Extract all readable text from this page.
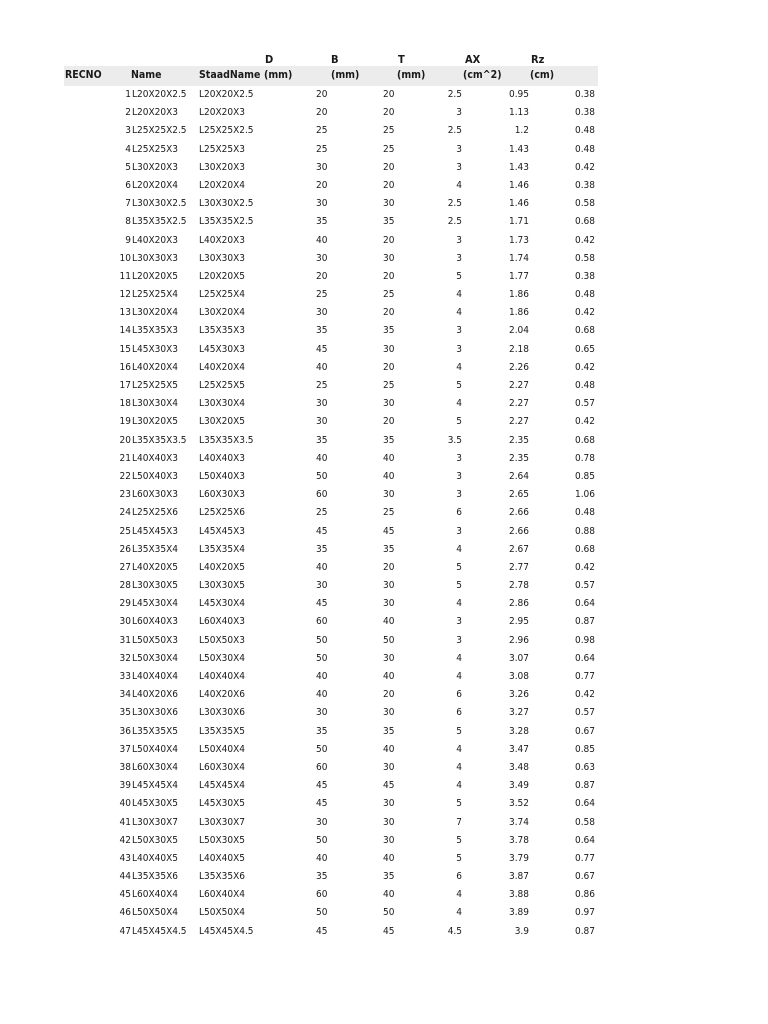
D	B	T	AX	Rz
RECNO	Name	StaadName (mm)	(mm)	(mm)	(cm^2)	(cm)
1 L20X20X2.5 L20X20X2.5	20	20	2.5	0.95	0.38
2 L20X20X3 L20X20X3	20	20	3	1.13	0.38
3 L25X25X2.5 L25X25X2.5	25	25	2.5	1.2	0.48
4 L25X25X3 L25X25X3	25	25	3	1.43	0.48
5 L30X20X3 L30X20X3	30	20	3	1.43	0.42
6 L20X20X4 L20X20X4	20	20	4	1.46	0.38
7 L30X30X2.5 L30X30X2.5	30	30	2.5	1.46	0.58
8 L35X35X2.5 L35X35X2.5	35	35	2.5	1.71	0.68
9 L40X20X3 L40X20X3	40	20	3	1.73	0.42
10 L30X30X3 L30X30X3	30	30	3	1.74	0.58
11 L20X20X5 L20X20X5	20	20	5	1.77	0.38
12 L25X25X4 L25X25X4	25	25	4	1.86	0.48
13 L30X20X4 L30X20X4	30	20	4	1.86	0.42
14 L35X35X3 L35X35X3	35	35	3	2.04	0.68
15 L45X30X3 L45X30X3	45	30	3	2.18	0.65
16 L40X20X4 L40X20X4	40	20	4	2.26	0.42
17 L25X25X5 L25X25X5	25	25	5	2.27	0.48
18 L30X30X4 L30X30X4	30	30	4	2.27	0.57
19 L30X20X5 L30X20X5	30	20	5	2.27	0.42
20 L35X35X3.5 L35X35X3.5	35	35	3.5	2.35	0.68
21 L40X40X3 L40X40X3	40	40	3	2.35	0.78
22 L50X40X3 L50X40X3	50	40	3	2.64	0.85
23 L60X30X3 L60X30X3	60	30	3	2.65	1.06
24 L25X25X6 L25X25X6	25	25	6	2.66	0.48
25 L45X45X3 L45X45X3	45	45	3	2.66	0.88
26 L35X35X4 L35X35X4	35	35	4	2.67	0.68
27 L40X20X5 L40X20X5	40	20	5	2.77	0.42
28 L30X30X5 L30X30X5	30	30	5	2.78	0.57
29 L45X30X4 L45X30X4	45	30	4	2.86	0.64
30 L60X40X3 L60X40X3	60	40	3	2.95	0.87
31 L50X50X3 L50X50X3	50	50	3	2.96	0.98
32 L50X30X4 L50X30X4	50	30	4	3.07	0.64
33 L40X40X4 L40X40X4	40	40	4	3.08	0.77
34 L40X20X6 L40X20X6	40	20	6	3.26	0.42
35 L30X30X6 L30X30X6	30	30	6	3.27	0.57
36 L35X35X5 L35X35X5	35	35	5	3.28	0.67
37 L50X40X4 L50X40X4	50	40	4	3.47	0.85
38 L60X30X4 L60X30X4	60	30	4	3.48	0.63
39 L45X45X4 L45X45X4	45	45	4	3.49	0.87
40 L45X30X5 L45X30X5	45	30	5	3.52	0.64
41 L30X30X7 L30X30X7	30	30	7	3.74	0.58
42 L50X30X5 L50X30X5	50	30	5	3.78	0.64
43 L40X40X5 L40X40X5	40	40	5	3.79	0.77
44 L35X35X6 L35X35X6	35	35	6	3.87	0.67
45 L60X40X4 L60X40X4	60	40	4	3.88	0.86
46 L50X50X4 L50X50X4	50	50	4	3.89	0.97
47 L45X45X4.5 L45X45X4.5	45	45	4.5	3.9	0.87
